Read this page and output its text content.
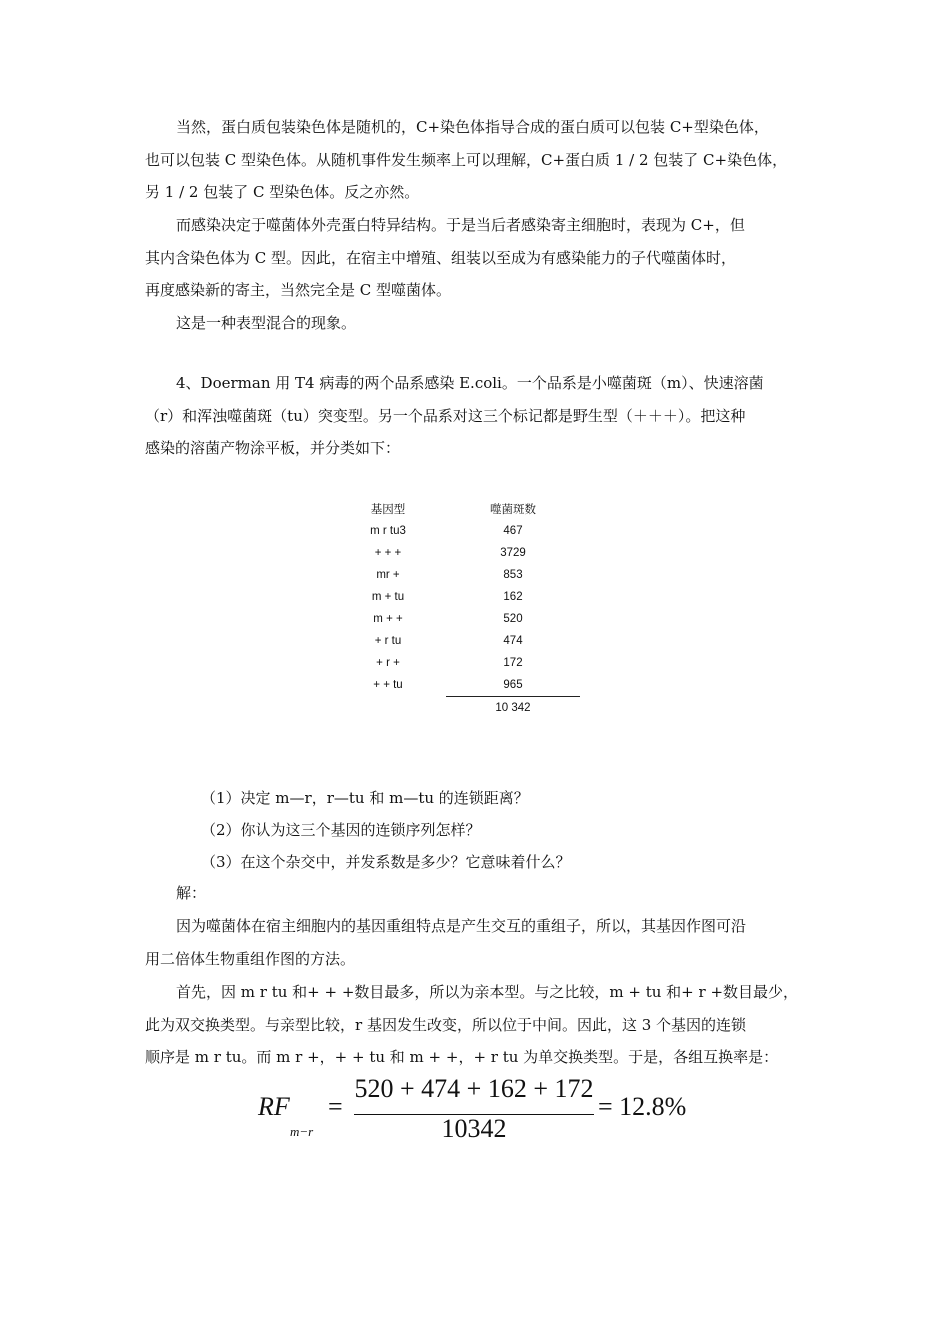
当然，蛋白质包装染色体是随机的，C+染色体指导合成的蛋白质可以包装 C+型染色体，
也可以包装 C 型染色体。从随机事件发生频率上可以理解，C+蛋白质 1 / 2 包装了 C+染色体，
另 1 / 2 包装了 C 型染色体。反之亦然。
而感染决定于噬菌体外壳蛋白特异结构。于是当后者感染寄主细胞时，表现为 C+，但
其内含染色体为 C 型。因此，在宿主中增殖、组装以至成为有感染能力的子代噬菌体时，
再度感染新的寄主，当然完全是 C 型噬菌体。
这是一种表型混合的现象。
4、Doerman 用 T4 病毒的两个品系感染 E.coli。一个品系是小噬菌斑（m）、快速溶菌
（r）和浑浊噬菌斑（tu）突变型。另一个品系对这三个标记都是野生型（＋＋＋）。把这种
感染的溶菌产物涂平板，并分类如下：
基因型		噬菌斑数
m r tu3		467
+ + +		3729
mr +		853
m + tu		162
m + +		520
+ r tu		474
+ r +		172
+ + tu		965
		10 342
（1）决定 m—r，r—tu 和 m—tu 的连锁距离？
（2）你认为这三个基因的连锁序列怎样？
（3）在这个杂交中，并发系数是多少？它意味着什么？
解：
因为噬菌体在宿主细胞内的基因重组特点是产生交互的重组子，所以，其基因作图可沿
用二倍体生物重组作图的方法。
首先，因 m r tu 和+ + +数目最多，所以为亲本型。与之比较，m + tu 和+ r +数目最少，
此为双交换类型。与亲型比较，r 基因发生改变，所以位于中间。因此，这 3 个基因的连锁
顺序是 m r tu。而 m r +，+ + tu 和 m + +，+ r tu 为单交换类型。于是，各组互换率是：
RF
m−r
=
520 + 474 + 162 + 172
10342
= 12.8%
